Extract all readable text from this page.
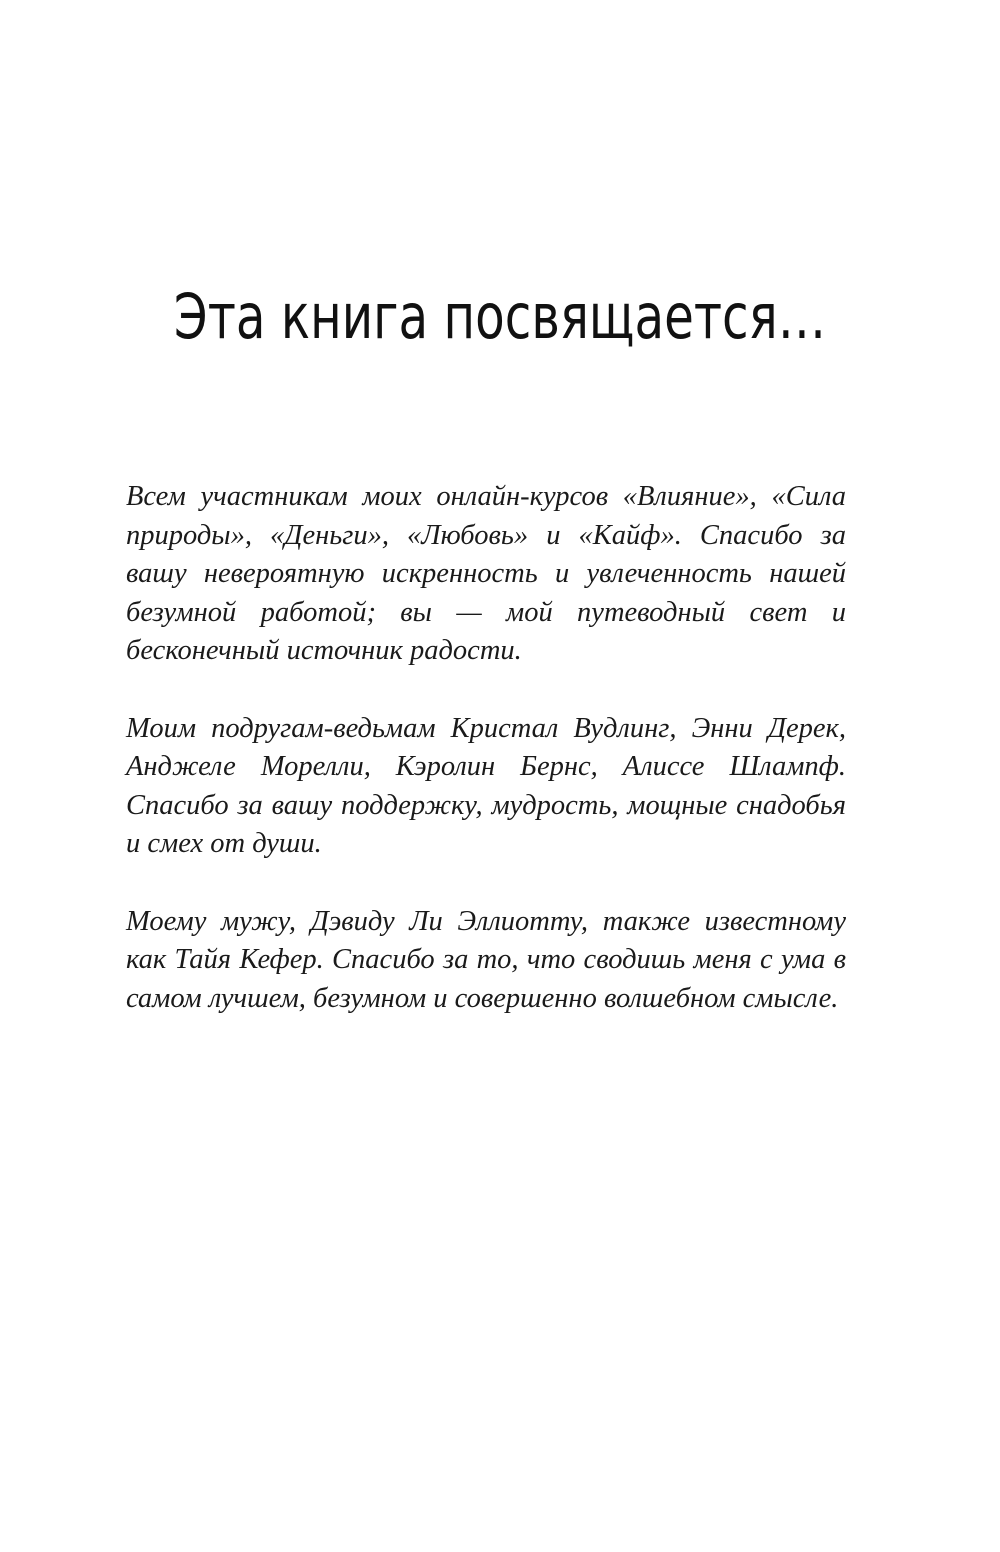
Эта книга посвящается…

Всем участникам моих онлайн-курсов «Влияние», «Сила природы», «Деньги», «Любовь» и «Кайф». Спасибо за вашу невероятную искренность и увлеченность нашей безумной работой; вы — мой путеводный свет и бесконечный источник радости.

Моим подругам-ведьмам Кристал Вудлинг, Энни Дерек, Анджеле Морелли, Кэролин Бернс, Алиссе Шлампф. Спасибо за вашу поддержку, мудрость, мощные снадобья и смех от души.

Моему мужу, Дэвиду Ли Эллиотту, также известному как Тайя Кефер. Спасибо за то, что сводишь меня с ума в самом лучшем, безумном и совершенно волшебном смысле.
